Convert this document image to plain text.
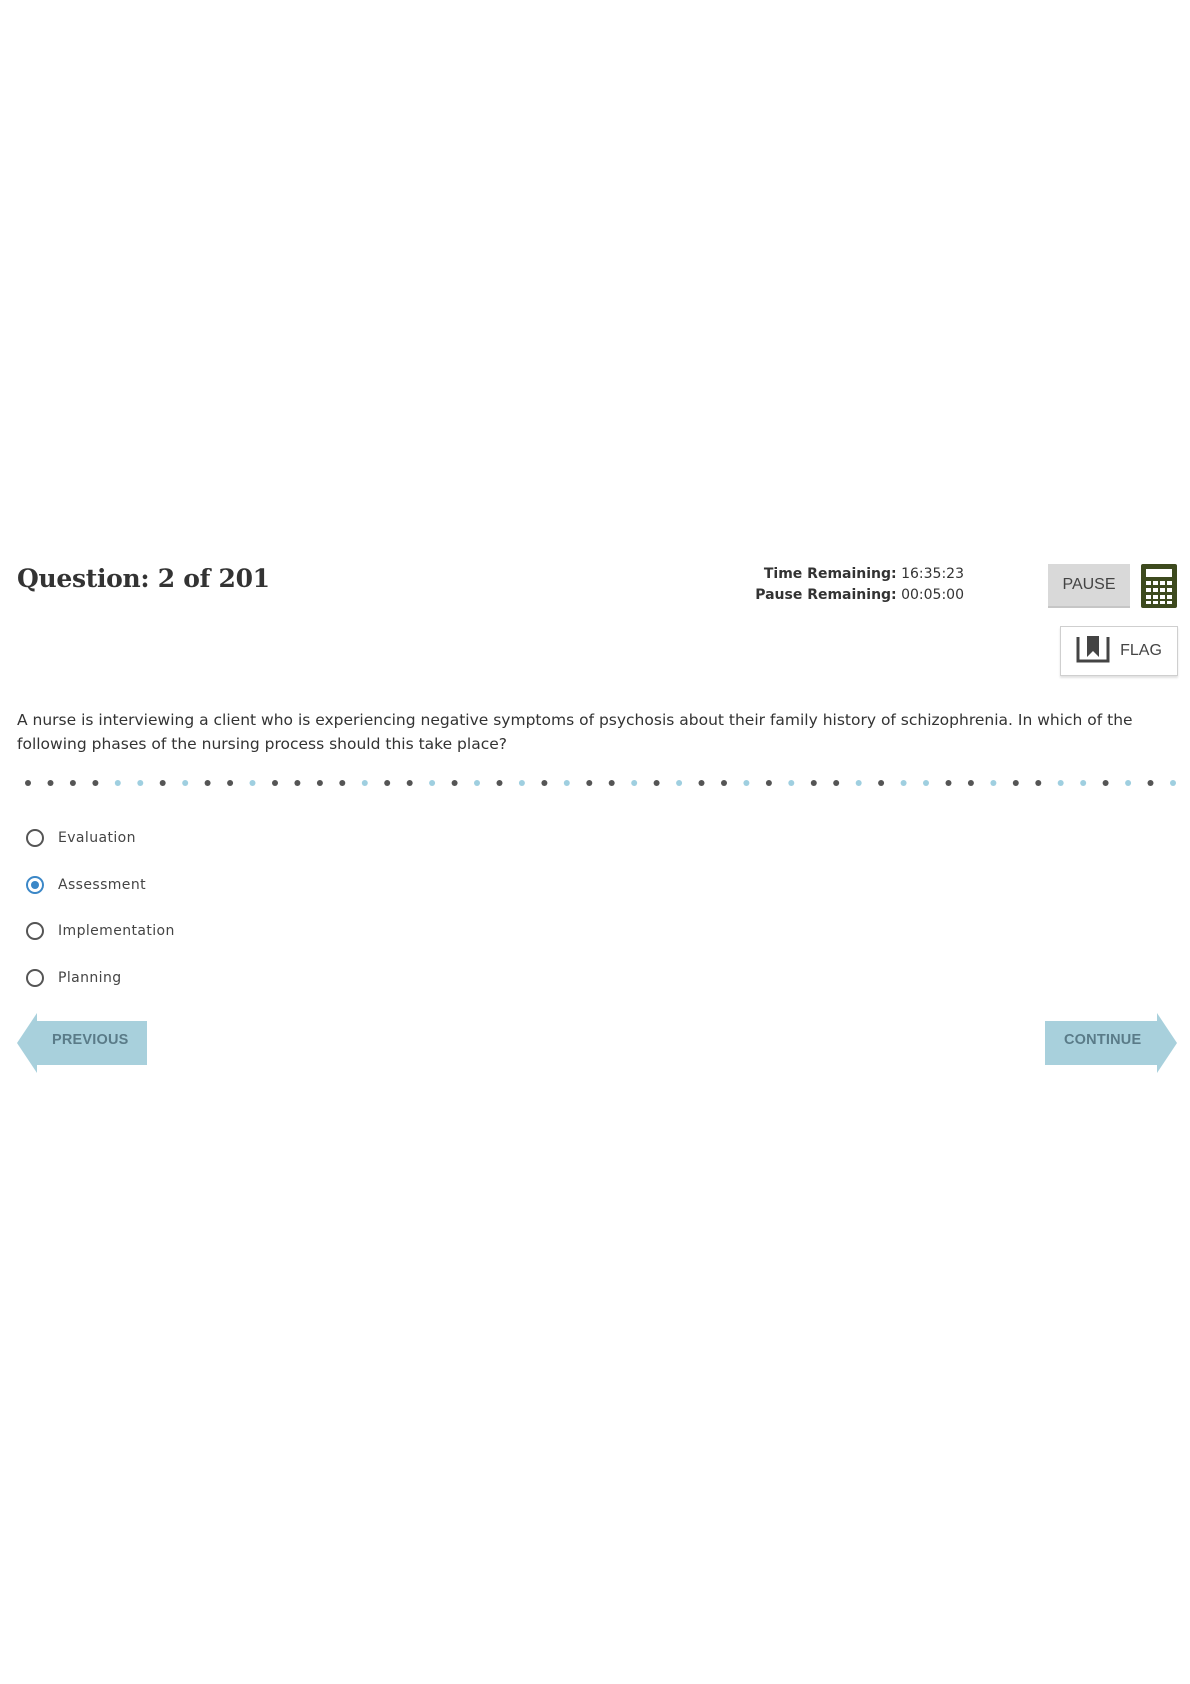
Question: 2 of 201	Time Remaining: 16:35:23
Pause Remaining: 00:05:00
PAUSE
FLAG

A nurse is interviewing a client who is experiencing negative symptoms of psychosis about their family history of schizophrenia. In which of the following phases of the nursing process should this take place?

Evaluation
Assessment
Implementation
Planning
PREVIOUS	CONTINUE
